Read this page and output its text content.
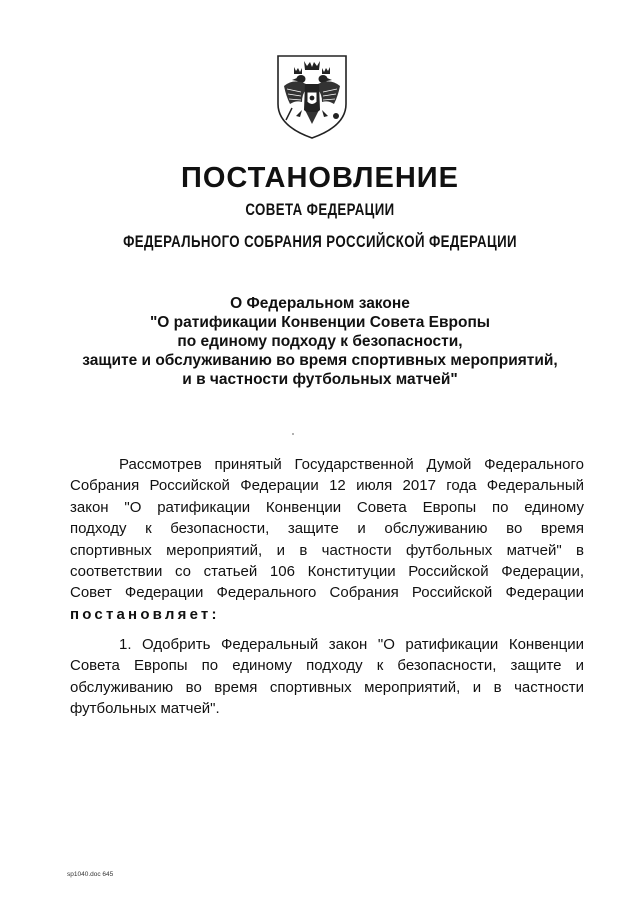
ПОСТАНОВЛЕНИЕ
СОВЕТА ФЕДЕРАЦИИ
ФЕДЕРАЛЬНОГО СОБРАНИЯ РОССИЙСКОЙ ФЕДЕРАЦИИ
О Федеральном законе
"О ратификации Конвенции Совета Европы
по единому подходу к безопасности,
защите и обслуживанию во время спортивных мероприятий,
и в частности футбольных матчей"
Рассмотрев принятый Государственной Думой Федерального
Собрания Российской Федерации 12 июля 2017 года Федеральный
закон "О ратификации Конвенции Совета Европы по единому
подходу к безопасности, защите и обслуживанию во время
спортивных мероприятий, и в частности футбольных матчей" в
соответствии со статьей 106 Конституции Российской Федерации,
Совет Федерации Федерального Собрания Российской Федерации
постановляет:
1. Одобрить Федеральный закон "О ратификации Конвенции
Совета Европы по единому подходу к безопасности, защите и
обслуживанию во время спортивных мероприятий, и в частности
футбольных матчей".
sp1040.doc 645
